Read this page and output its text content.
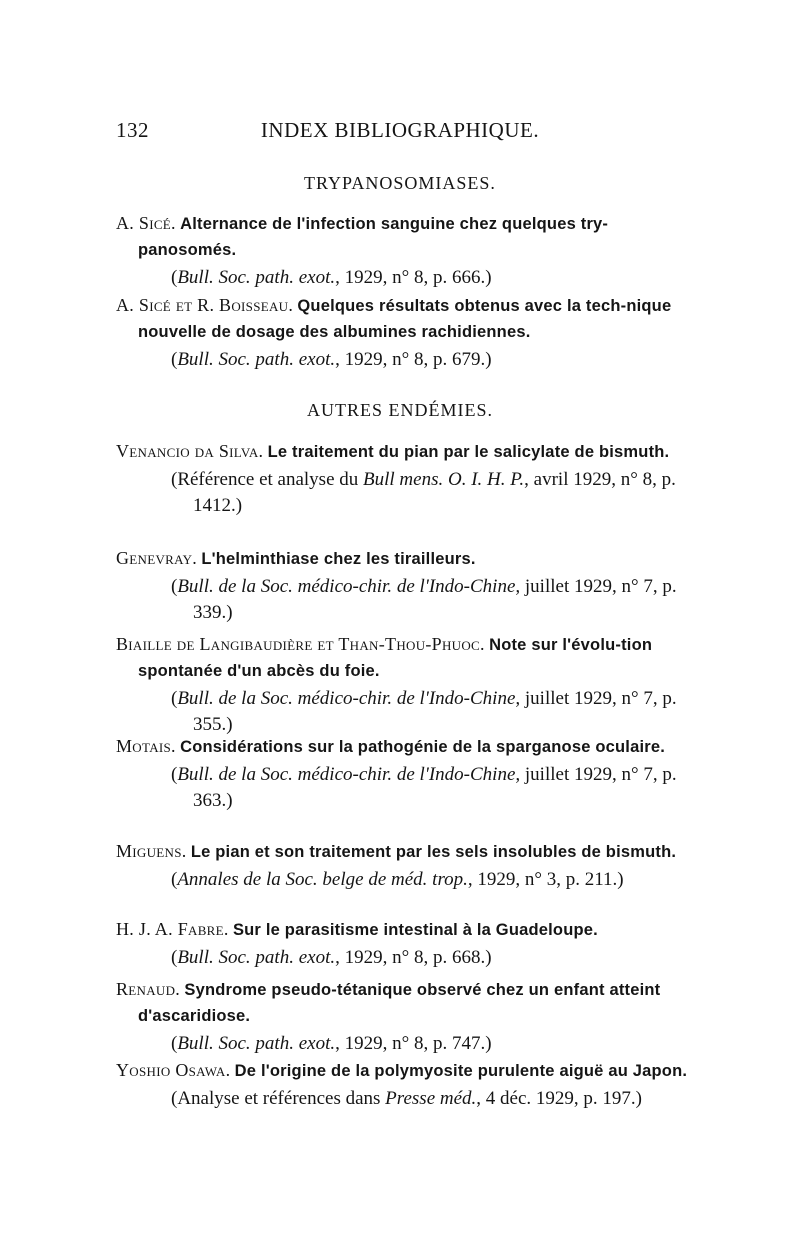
132	INDEX BIBLIOGRAPHIQUE.
TRYPANOSOMIASES.
A. Sicé. Alternance de l'infection sanguine chez quelques try-panosomés.
(Bull. Soc. path. exot., 1929, n° 8, p. 666.)
A. Sicé et R. Boisseau. Quelques résultats obtenus avec la tech-nique nouvelle de dosage des albumines rachidiennes.
(Bull. Soc. path. exot., 1929, n° 8, p. 679.)
AUTRES ENDÉMIES.
Venancio da Silva. Le traitement du pian par le salicylate de bismuth.
(Référence et analyse du Bull mens. O. I. H. P., avril 1929, n° 8, p. 1412.)
Genevray. L'helminthiase chez les tirailleurs.
(Bull. de la Soc. médico-chir. de l'Indo-Chine, juillet 1929, n° 7, p. 339.)
Biaille de Langibaudière et Than-Thou-Phuoc. Note sur l'évolu-tion spontanée d'un abcès du foie.
(Bull. de la Soc. médico-chir. de l'Indo-Chine, juillet 1929, n° 7, p. 355.)
Motais. Considérations sur la pathogénie de la sparganose oculaire.
(Bull. de la Soc. médico-chir. de l'Indo-Chine, juillet 1929, n° 7, p. 363.)
Miguens. Le pian et son traitement par les sels insolubles de bismuth.
(Annales de la Soc. belge de méd. trop., 1929, n° 3, p. 211.)
H. J. A. Fabre. Sur le parasitisme intestinal à la Guadeloupe.
(Bull. Soc. path. exot., 1929, n° 8, p. 668.)
Renaud. Syndrome pseudo-tétanique observé chez un enfant atteint d'ascaridiose.
(Bull. Soc. path. exot., 1929, n° 8, p. 747.)
Yoshio Osawa. De l'origine de la polymyosite purulente aiguë au Japon.
(Analyse et références dans Presse méd., 4 déc. 1929, p. 197.)
